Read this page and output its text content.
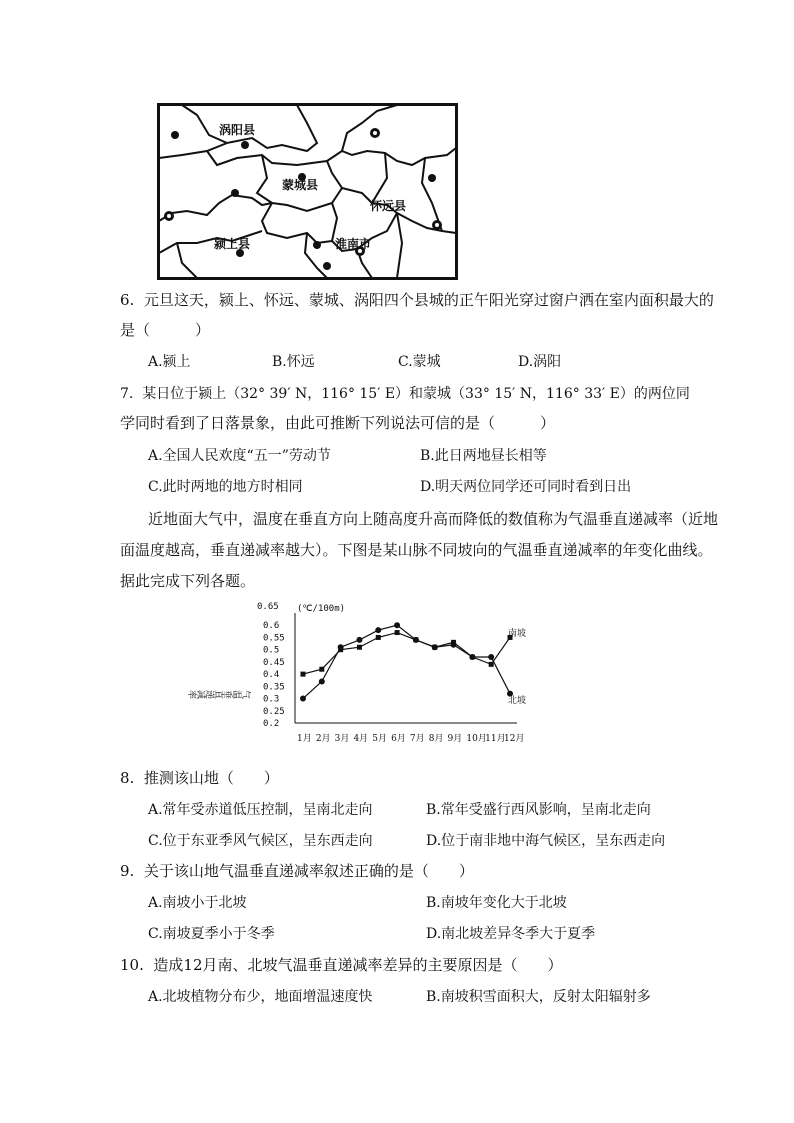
涡阳县
蒙城县
怀远县
颍上县	淮南市
6. 元旦这天，颍上、怀远、蒙城、涡阳四个县城的正午阳光穿过窗户洒在室内面积最大的
是（　　　）
A.颍上	B.怀远	C.蒙城	D.涡阳
7. 某日位于颍上（32° 39′ N，116° 15′ E）和蒙城（33° 15′ N，116° 33′ E）的两位同
学同时看到了日落景象，由此可推断下列说法可信的是（　　　）
A.全国人民欢度“五一”劳动节	B.此日两地昼长相等
C.此时两地的地方时相同	D.明天两位同学还可同时看到日出
近地面大气中，温度在垂直方向上随高度升高而降低的数值称为气温垂直递减率（近地
面温度越高，垂直递减率越大）。下图是某山脉不同坡向的气温垂直递减率的年变化曲线。
据此完成下列各题。
0.65 (℃/100m)
0.2
0.25
0.3
0.35
0.4
0.45
0.5
0.55
0.6
气温垂直递减率
1月 2月 3月 4月 5月 6月 7月 8月 9月 10月
11月
12月
南坡
北坡
8. 推测该山地（　　）
A.常年受赤道低压控制，呈南北走向	B.常年受盛行西风影响，呈南北走向
C.位于东亚季风气候区，呈东西走向	D.位于南非地中海气候区，呈东西走向
9. 关于该山地气温垂直递减率叙述正确的是（　　）
A.南坡小于北坡	B.南坡年变化大于北坡
C.南坡夏季小于冬季	D.南北坡差异冬季大于夏季
10. 造成12月南、北坡气温垂直递减率差异的主要原因是（　　）
A.北坡植物分布少，地面增温速度快	B.南坡积雪面积大，反射太阳辐射多
